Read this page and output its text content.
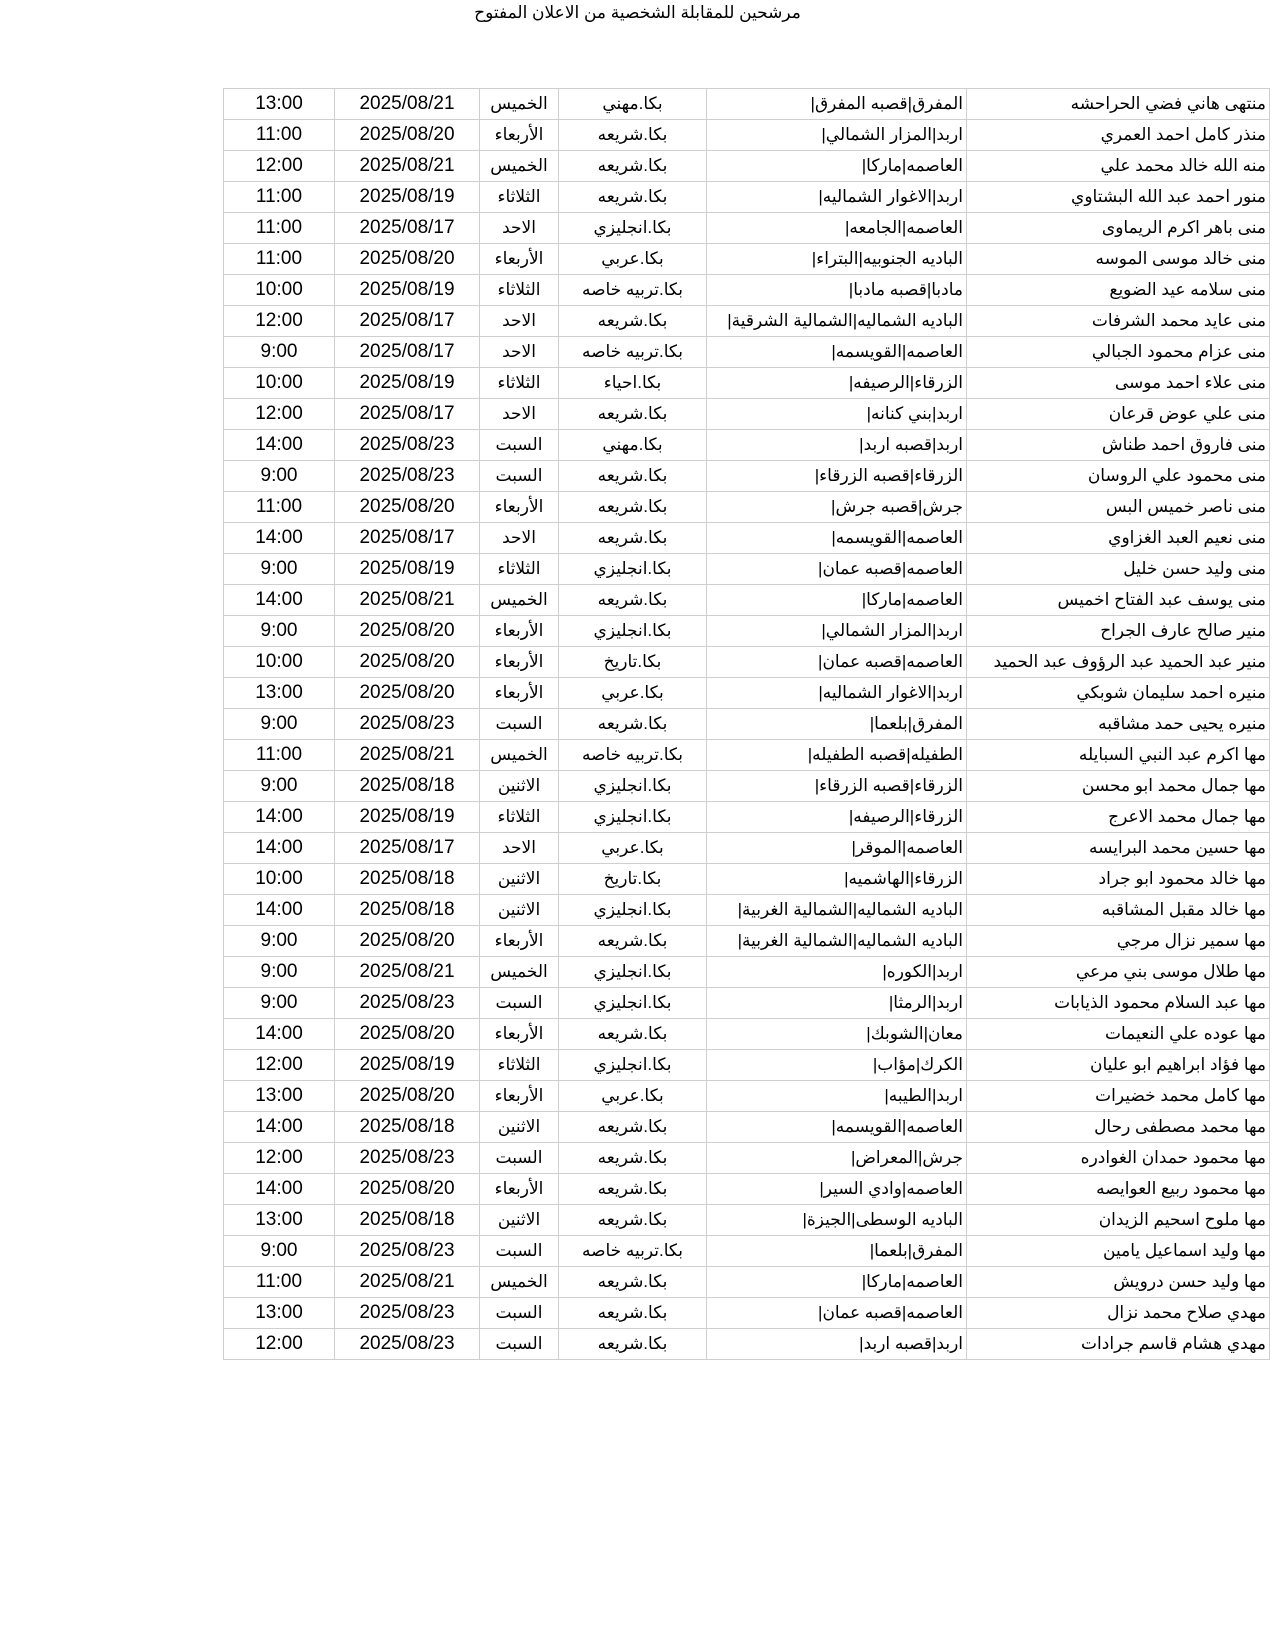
مرشحين للمقابلة الشخصية من الاعلان المفتوح
منتهى هاني فضي الحراحشه	المفرق|قصبه المفرق|	بكا.مهني	الخميس	2025/08/21	13:00
منذر كامل احمد العمري	اربد|المزار الشمالي|	بكا.شريعه	الأربعاء	2025/08/20	11:00
منه الله خالد محمد علي	العاصمه|ماركا|	بكا.شريعه	الخميس	2025/08/21	12:00
منور احمد عبد الله البشتاوي	اربد|الاغوار الشماليه|	بكا.شريعه	الثلاثاء	2025/08/19	11:00
منى باهر اكرم الريماوى	العاصمه|الجامعه|	بكا.انجليزي	الاحد	2025/08/17	11:00
منى خالد موسى الموسه	الباديه الجنوبيه|البتراء|	بكا.عربي	الأربعاء	2025/08/20	11:00
منى سلامه عيد الضويع	مادبا|قصبه مادبا|	بكا.تربيه خاصه	الثلاثاء	2025/08/19	10:00
منى عايد محمد الشرفات	الباديه الشماليه|الشمالية الشرقية|	بكا.شريعه	الاحد	2025/08/17	12:00
منى عزام محمود الجبالي	العاصمه|القويسمه|	بكا.تربيه خاصه	الاحد	2025/08/17	9:00
منى علاء احمد موسى	الزرقاء|الرصيفه|	بكا.احياء	الثلاثاء	2025/08/19	10:00
منى علي عوض قرعان	اربد|بني كنانه|	بكا.شريعه	الاحد	2025/08/17	12:00
منى فاروق احمد طناش	اربد|قصبه اربد|	بكا.مهني	السبت	2025/08/23	14:00
منى محمود علي الروسان	الزرقاء|قصبه الزرقاء|	بكا.شريعه	السبت	2025/08/23	9:00
منى ناصر خميس البس	جرش|قصبه جرش|	بكا.شريعه	الأربعاء	2025/08/20	11:00
منى نعيم العبد الغزاوي	العاصمه|القويسمه|	بكا.شريعه	الاحد	2025/08/17	14:00
منى وليد حسن خليل	العاصمه|قصبه عمان|	بكا.انجليزي	الثلاثاء	2025/08/19	9:00
منى يوسف عبد الفتاح اخميس	العاصمه|ماركا|	بكا.شريعه	الخميس	2025/08/21	14:00
منير صالح عارف الجراح	اربد|المزار الشمالي|	بكا.انجليزي	الأربعاء	2025/08/20	9:00
منير عبد الحميد عبد الرؤوف عبد الحميد	العاصمه|قصبه عمان|	بكا.تاريخ	الأربعاء	2025/08/20	10:00
منيره احمد سليمان شوبكي	اربد|الاغوار الشماليه|	بكا.عربي	الأربعاء	2025/08/20	13:00
منيره يحيى حمد مشاقبه	المفرق|بلعما|	بكا.شريعه	السبت	2025/08/23	9:00
مها اكرم عبد النبي السبايله	الطفيله|قصبه الطفيله|	بكا.تربيه خاصه	الخميس	2025/08/21	11:00
مها جمال محمد ابو محسن	الزرقاء|قصبه الزرقاء|	بكا.انجليزي	الاثنين	2025/08/18	9:00
مها جمال محمد الاعرج	الزرقاء|الرصيفه|	بكا.انجليزي	الثلاثاء	2025/08/19	14:00
مها حسين محمد البرايسه	العاصمه|الموقر|	بكا.عربي	الاحد	2025/08/17	14:00
مها خالد محمود ابو جراد	الزرقاء|الهاشميه|	بكا.تاريخ	الاثنين	2025/08/18	10:00
مها خالد مقبل المشاقبه	الباديه الشماليه|الشمالية الغربية|	بكا.انجليزي	الاثنين	2025/08/18	14:00
مها سمير نزال مرجي	الباديه الشماليه|الشمالية الغربية|	بكا.شريعه	الأربعاء	2025/08/20	9:00
مها طلال موسى بني مرعي	اربد|الكوره|	بكا.انجليزي	الخميس	2025/08/21	9:00
مها عبد السلام محمود الذيابات	اربد|الرمثا|	بكا.انجليزي	السبت	2025/08/23	9:00
مها عوده علي النعيمات	معان|الشوبك|	بكا.شريعه	الأربعاء	2025/08/20	14:00
مها فؤاد ابراهيم ابو عليان	الكرك|مؤاب|	بكا.انجليزي	الثلاثاء	2025/08/19	12:00
مها كامل محمد خضيرات	اربد|الطيبه|	بكا.عربي	الأربعاء	2025/08/20	13:00
مها محمد مصطفى رحال	العاصمه|القويسمه|	بكا.شريعه	الاثنين	2025/08/18	14:00
مها محمود حمدان الغوادره	جرش|المعراض|	بكا.شريعه	السبت	2025/08/23	12:00
مها محمود ربيع العوايصه	العاصمه|وادي السير|	بكا.شريعه	الأربعاء	2025/08/20	14:00
مها ملوح اسحيم الزيدان	الباديه الوسطى|الجيزة|	بكا.شريعه	الاثنين	2025/08/18	13:00
مها وليد اسماعيل يامين	المفرق|بلعما|	بكا.تربيه خاصه	السبت	2025/08/23	9:00
مها وليد حسن درويش	العاصمه|ماركا|	بكا.شريعه	الخميس	2025/08/21	11:00
مهدي صلاح محمد نزال	العاصمه|قصبه عمان|	بكا.شريعه	السبت	2025/08/23	13:00
مهدي هشام قاسم جرادات	اربد|قصبه اربد|	بكا.شريعه	السبت	2025/08/23	12:00
